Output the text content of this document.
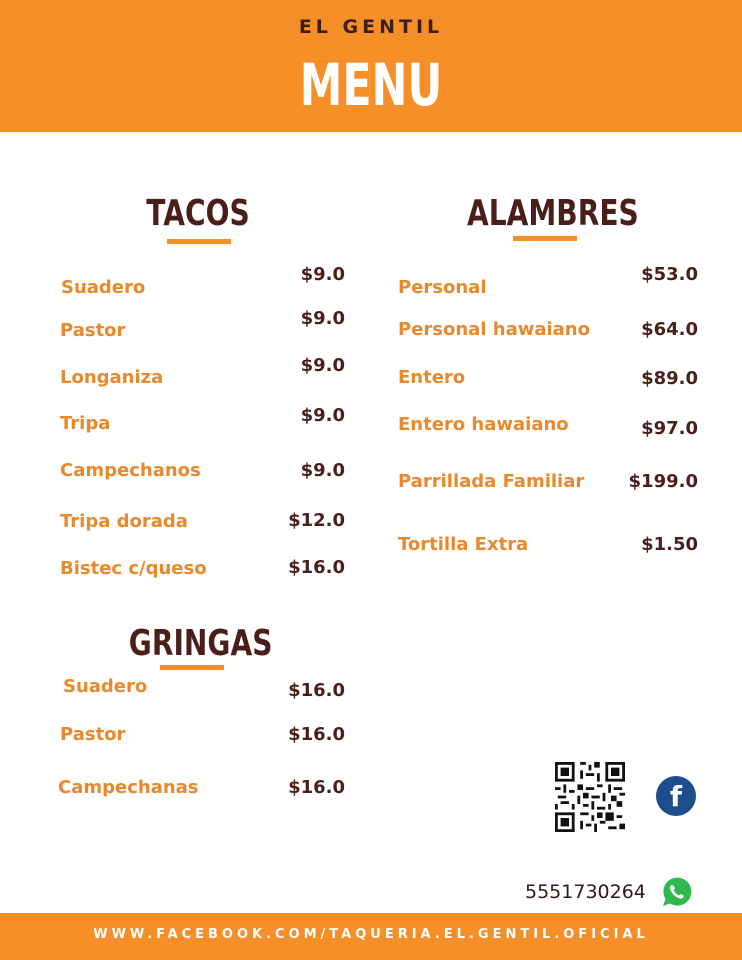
EL GENTIL
MENU
TACOS
Suadero
$9.0
Pastor
$9.0
Longaniza
$9.0
Tripa	$9.0
Campechanos	$9.0
Tripa dorada	$12.0
Bistec c/queso	$16.0
GRINGAS
Suadero	$16.0
Pastor	$16.0
Campechanas	$16.0
ALAMBRES
Personal
$53.0
Personal hawaiano	$64.0
Entero	$89.0
Entero hawaiano	$97.0
Parrillada Familiar	$199.0
Tortilla Extra	$1.50
f
5551730264
WWW.FACEBOOK.COM/TAQUERIA.EL.GENTIL.OFICIAL
